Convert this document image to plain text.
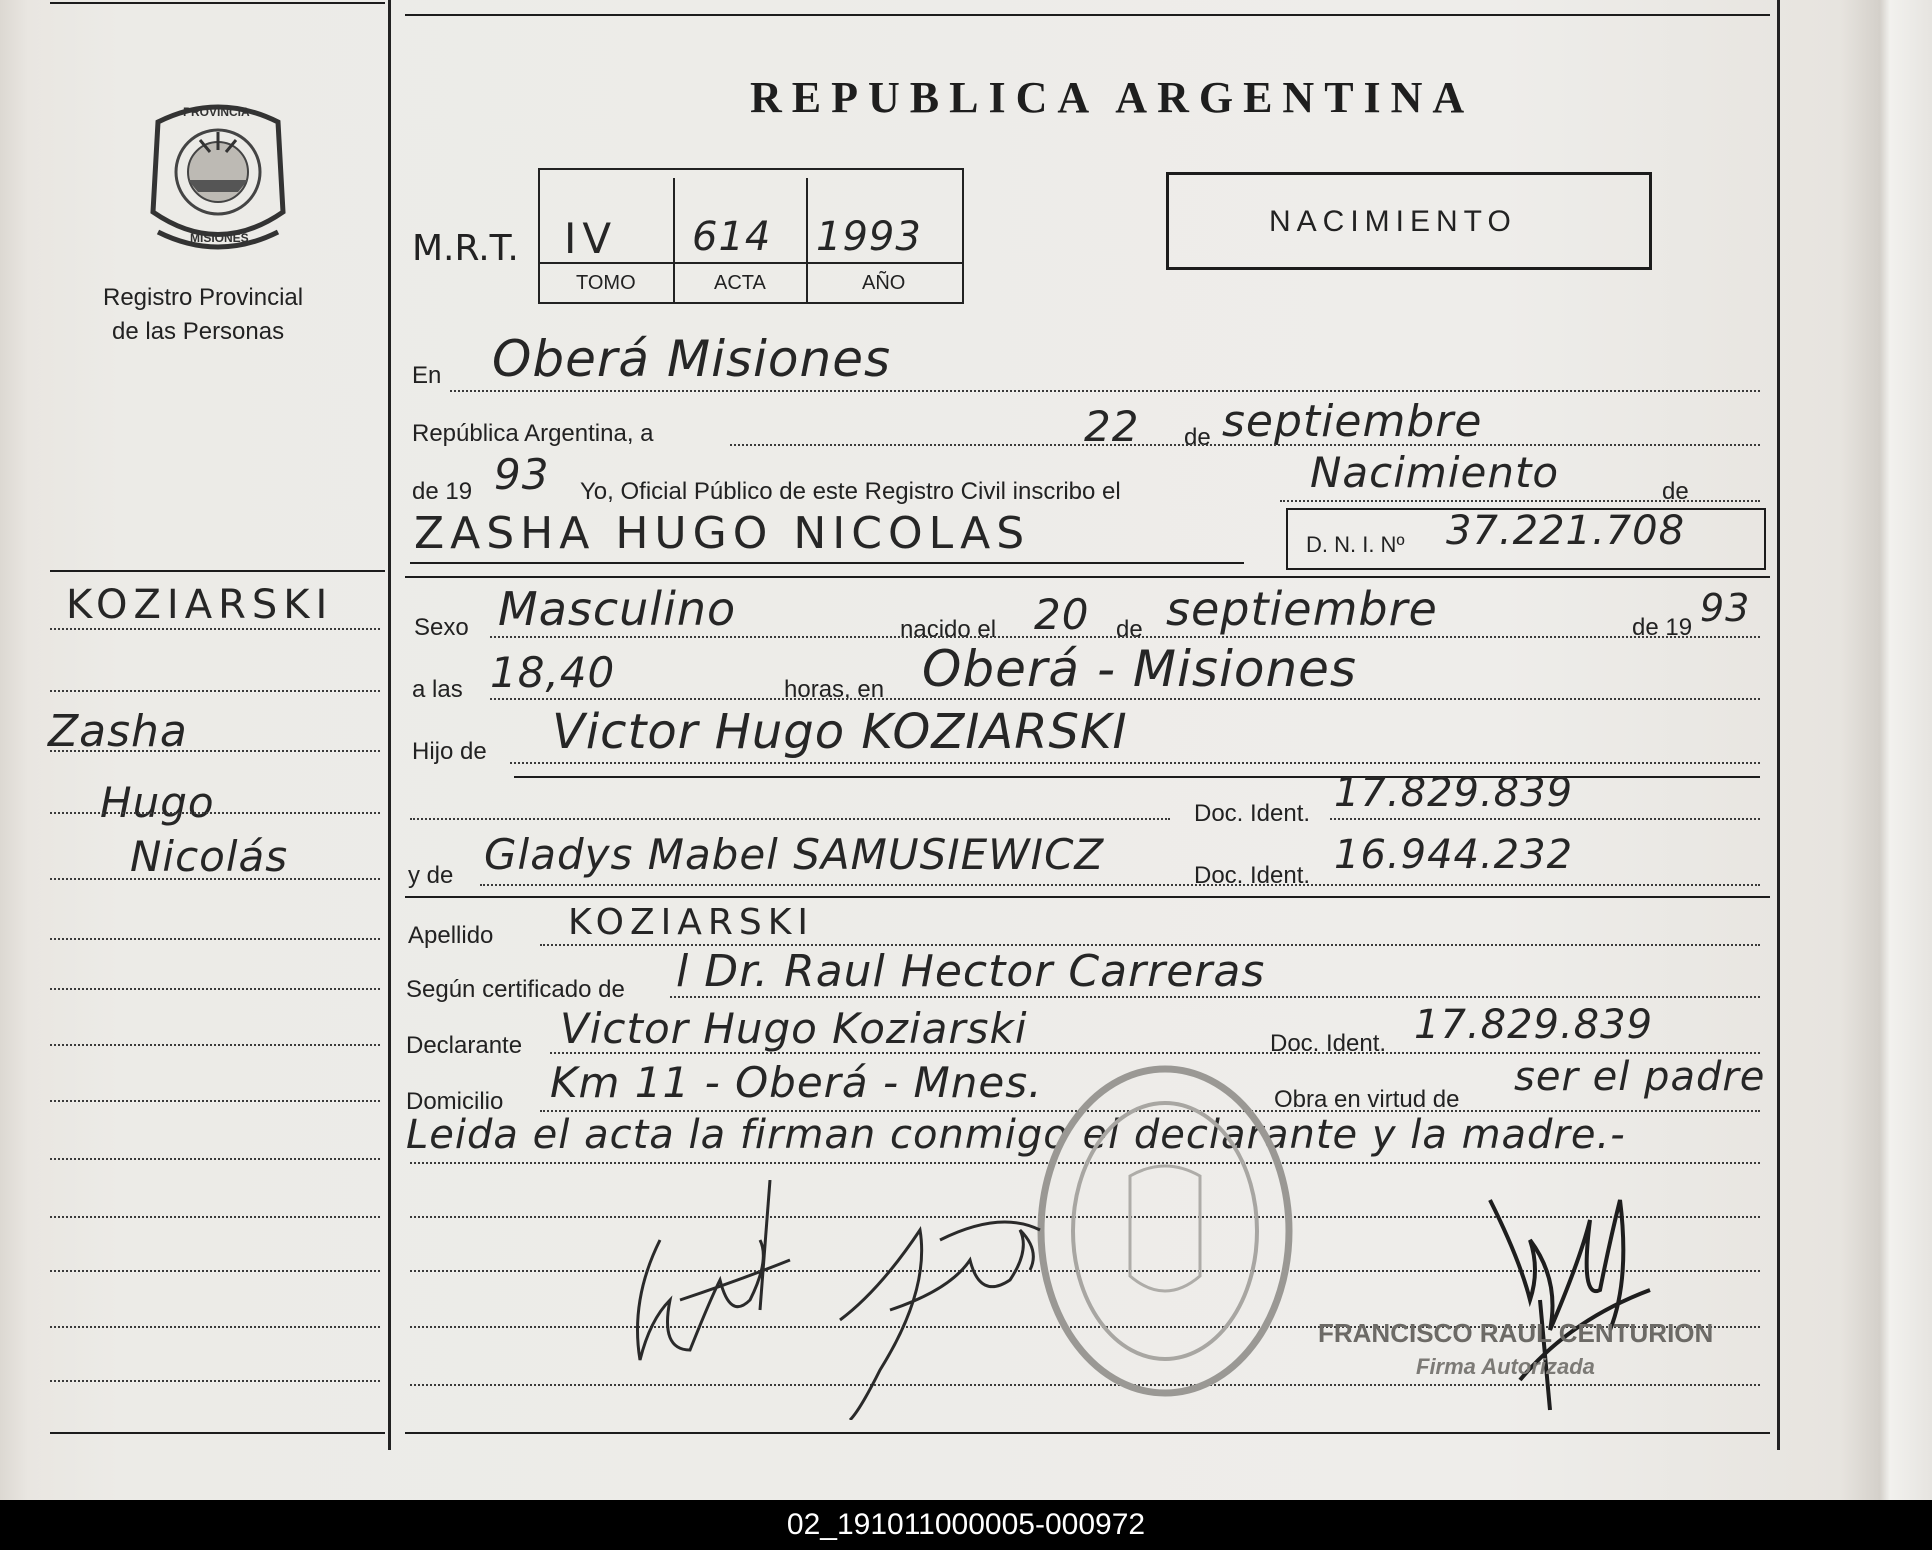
PROVINCIA
MISIONES
Registro Provincial
de las Personas
KOZIARSKI
Zasha
Hugo
Nicolás
REPUBLICA ARGENTINA
M.R.T. IV 614 1993
TOMO	ACTA	AÑO
NACIMIENTO
En Oberá Misiones
República Argentina, a	22 de septiembre
de 19 93 Yo, Oficial Público de este Registro Civil inscribo el	Nacimiento	de
ZASHA HUGO NICOLAS	D. N. I. Nº 37.221.708
Sexo Masculino	nacido el 20 de septiembre	de 19 93
a las 18,40	horas, en Oberá - Misiones
Hijo de Victor Hugo KOZIARSKI
Doc. Ident. 17.829.839
y de Gladys Mabel SAMUSIEWICZ	Doc. Ident. 16.944.232
Apellido KOZIARSKI
Según certificado de l Dr. Raul Hector Carreras
Declarante Victor Hugo Koziarski	Doc. Ident. 17.829.839
Domicilio Km 11 - Oberá - Mnes.	Obra en virtud de ser el padre
Leida el acta la firman conmigo el declarante y la madre.-
FRANCISCO RAUL CENTURION
Firma Autorizada
02_191011000005-000972
